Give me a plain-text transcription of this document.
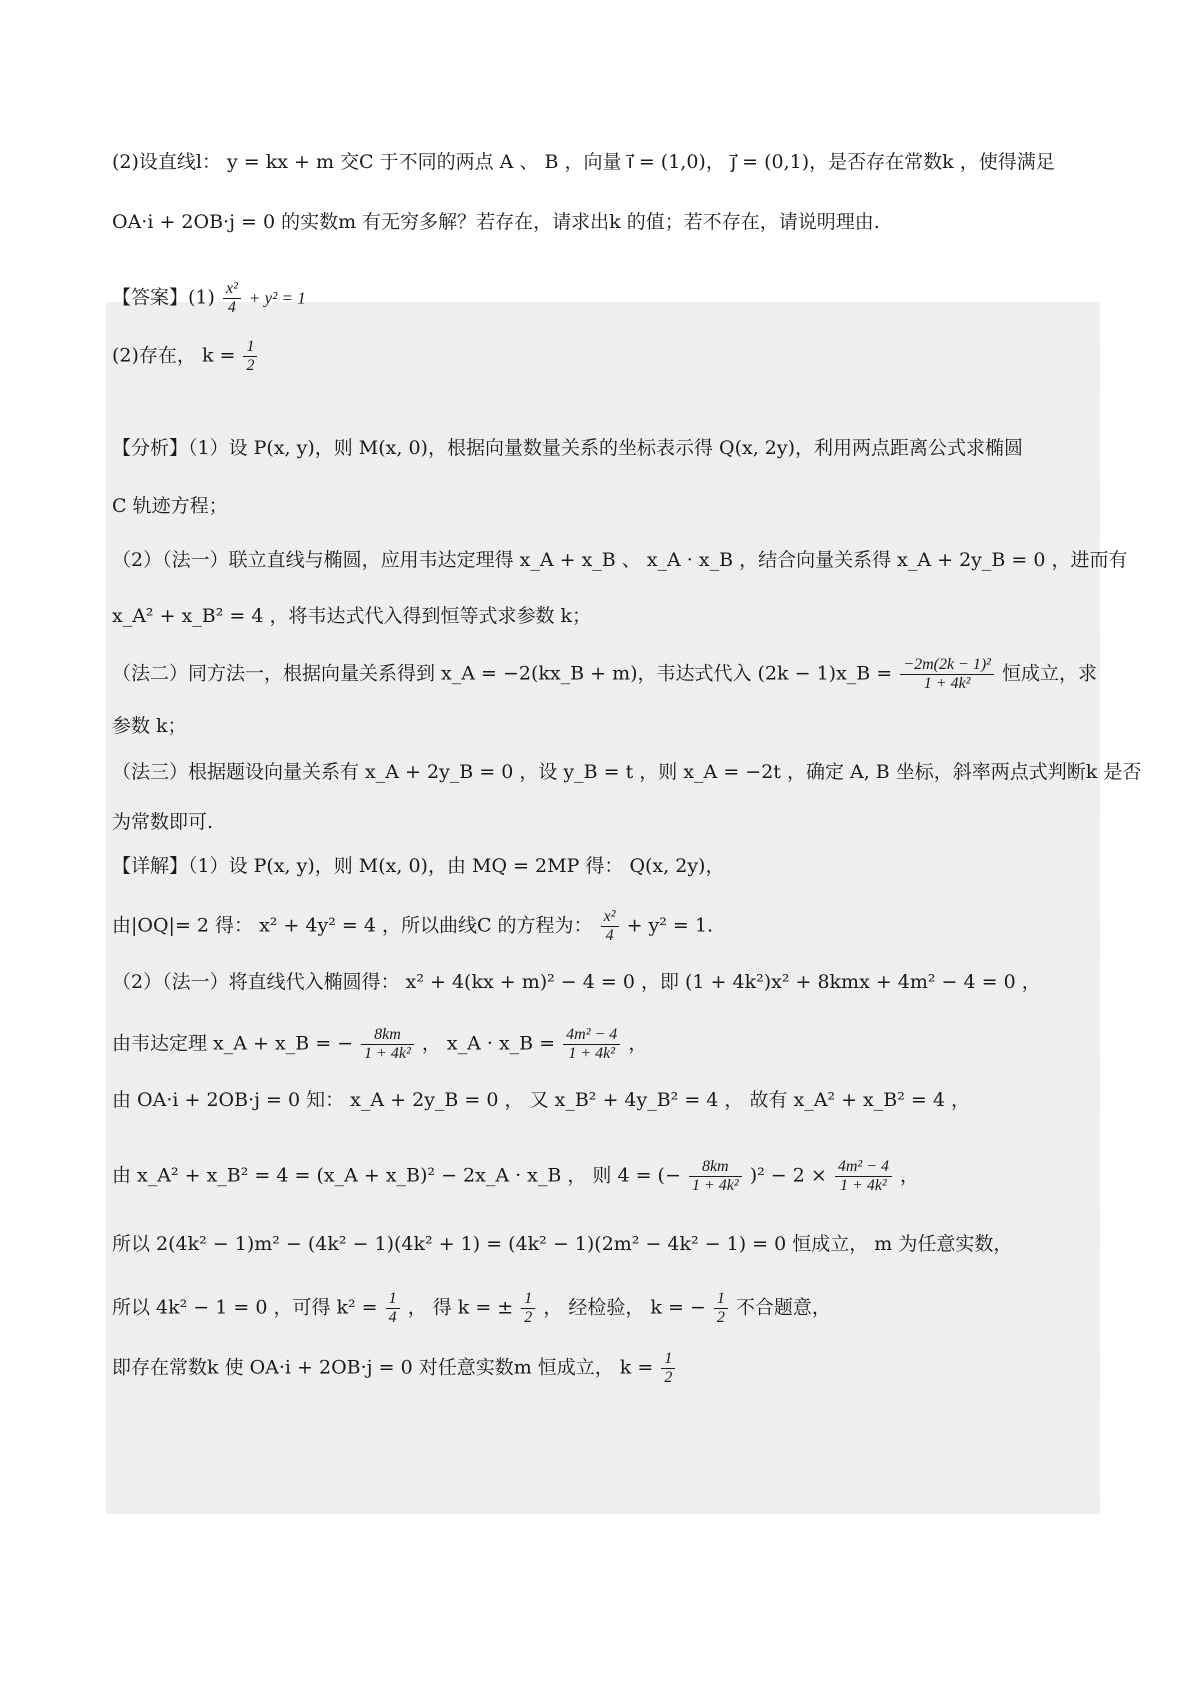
(2)设直线l： y = kx + m 交C 于不同的两点 A 、 B ，向量 i⃗ = (1,0)， j⃗ = (0,1)，是否存在常数k ，使得满足
OA·i + 2OB·j = 0 的实数m 有无穷多解？若存在，请求出k 的值；若不存在，请说明理由.
【答案】$(1) \frac{\text{x²}}{4} + y^2 = 1$
(2)存在， $k = \frac{1}{2}$
【分析】（1）设 P(x, y)，则 M(x, 0)，根据向量数量关系的坐标表示得 Q(x, 2y)，利用两点距离公式求椭圆
C 轨迹方程；
（2）（法一）联立直线与椭圆，应用韦达定理得 x_A + x_B 、 x_A · x_B ，结合向量关系得 x_A + 2y_B = 0 ，进而有
x_A² + x_B² = 4 ，将韦达式代入得到恒等式求参数 k；
（法二）同方法一，根据向量关系得到 x_A = −2(kx_B + m)，韦达式代入 (2k − 1)x_B = $\frac{\text{−2m(2k − 1)²}}{\text{1 + 4k²}}$ 恒成立，求
参数 k；
（法三）根据题设向量关系有 x_A + 2y_B = 0 ，设 y_B = t ，则 x_A = −2t ，确定 A, B 坐标，斜率两点式判断k 是否
为常数即可.
【详解】（1）设 P(x, y)，则 M(x, 0)，由 MQ = 2MP 得： Q(x, 2y)，
由|OQ|= 2 得： x² + 4y² = 4 ，所以曲线C 的方程为： $\frac{\text{x²}}{4} + y^2 = 1$.
（2）（法一）将直线代入椭圆得： x² + 4(kx + m)² − 4 = 0 ，即 (1 + 4k²)x² + 8kmx + 4m² − 4 = 0 ，
由韦达定理 x_A + x_B = − $\frac{8km}{\text{1 + 4k²}}$ ， x_A · x_B = $\frac{\text{4m² − 4}}{\text{1 + 4k²}}$ ，
由 OA·i + 2OB·j = 0 知： x_A + 2y_B = 0 ， 又 x_B² + 4y_B² = 4 ， 故有 x_A² + x_B² = 4 ，
由 x_A² + x_B² = 4 = (x_A + x_B)² − 2x_A · x_B ， 则 4 = (− $\frac{8km}{\text{1 + 4k²}} )^2 - 2 \times \frac{\text{4m² − 4}}{\text{1 + 4k²}}$ ，
所以 2(4k² − 1)m² − (4k² − 1)(4k² + 1) = (4k² − 1)(2m² − 4k² − 1) = 0 恒成立， m 为任意实数，
所以 4k² − 1 = 0 ，可得 $k^2 = \frac{1}{4}$ ， 得 k = ± $\frac{1}{2}$ ， 经检验， k = − $\frac{1}{2}$ 不合题意，
即存在常数k 使 OA·i + 2OB·j = 0 对任意实数m 恒成立， $k = \frac{1}{2}$
